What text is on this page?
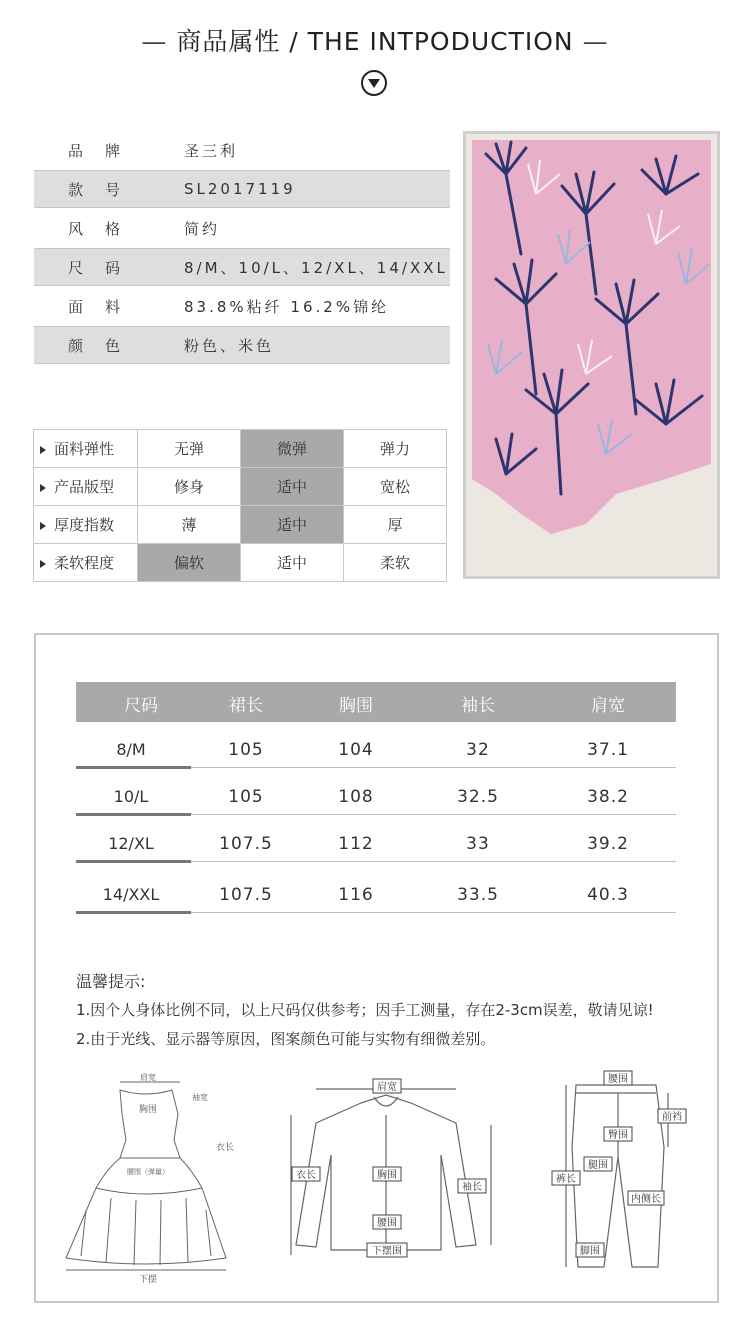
— 商品属性 / THE INTPODUCTION —
品牌	圣三利
款号	SL2017119
风格	简约
尺码	8/M、10/L、12/XL、14/XXL
面料	83.8%粘纤 16.2%锦纶
颜色	粉色、米色
面料弹性	无弹	微弹	弹力
产品版型	修身	适中	宽松
厚度指数	薄	适中	厚
柔软程度	偏软	适中	柔软
尺码	裙长	胸围	袖长	肩宽
8/M	105	104	32	37.1
10/L	105	108	32.5	38.2
12/XL	107.5	112	33	39.2
14/XXL	107.5	116	33.5	40.3
温馨提示:
1.因个人身体比例不同，以上尺码仅供参考；因手工测量，存在2-3cm误差，敬请见谅!
2.由于光线、显示器等原因，图案颜色可能与实物有细微差别。
肩宽
袖宽
胸围
腰围（弹量）
衣长
下摆
肩宽
衣长	胸围
袖长
腰围
下摆围
腰围
前裆
臀围
裤长
腿围
内侧长
脚围
